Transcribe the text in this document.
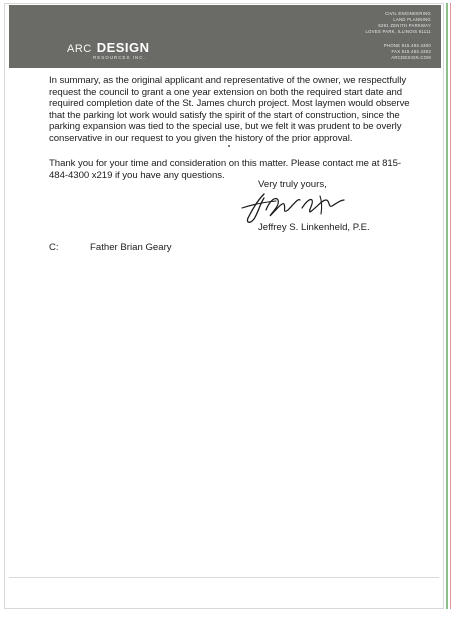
ARC DESIGN
RESOURCES INC.
CIVIL ENGINEERING
LAND PLANNING
5291 ZENITH PARKWAY
LOVES PARK, ILLINOIS 61111
PHONE 815.484.4300
FAX 815.484.4303
ARCDESIGN.COM
In summary, as the original applicant and representative of the owner, we respectfully request the council to grant a one year extension on both the required start date and required completion date of the St. James church project. Most laymen would observe that the parking lot work would satisfy the spirit of the start of construction, since the parking expansion was tied to the special use, but we felt it was prudent to be overly conservative in our request to you given the history of the prior approval.
Thank you for your time and consideration on this matter. Please contact me at 815-484-4300 x219 if you have any questions.
Very truly yours,
Jeffrey S. Linkenheld, P.E.
C:	Father Brian Geary
